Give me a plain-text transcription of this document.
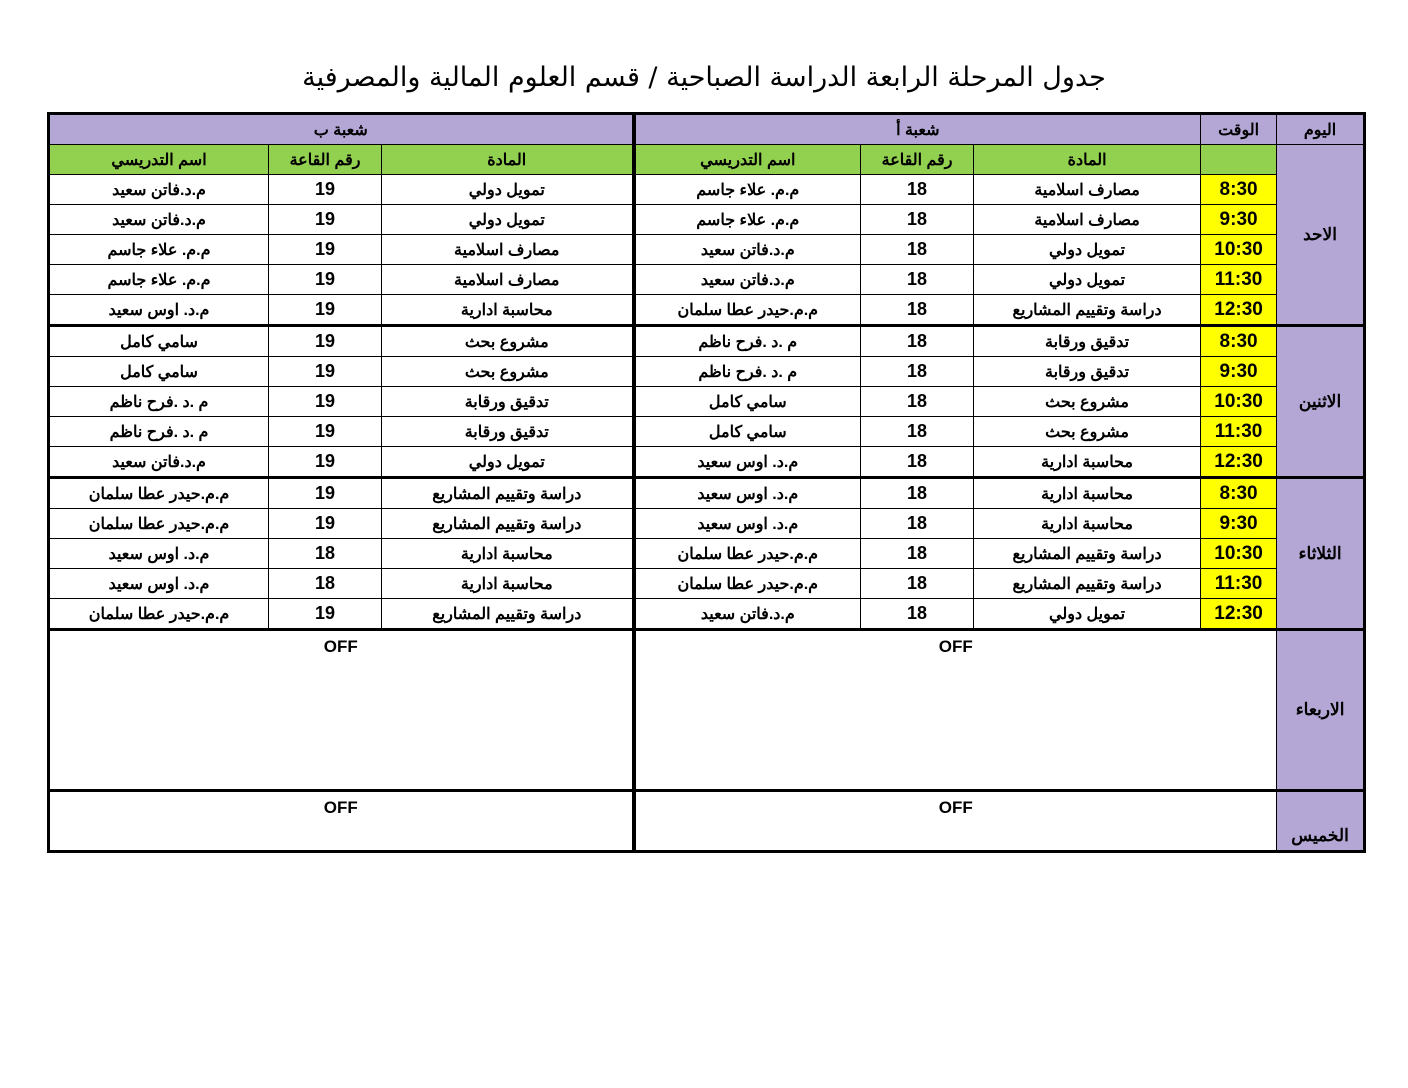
جدول المرحلة الرابعة الدراسة الصباحية / قسم العلوم المالية والمصرفية
اليوم	الوقت	شعبة أ			شعبة ب		
الاحد		المادة	رقم القاعة	اسم التدريسي	المادة	رقم القاعة	اسم التدريسي
	8:30	مصارف اسلامية	18	م.م. علاء جاسم	تمويل دولي	19	م.د.فاتن سعيد
	9:30	مصارف اسلامية	18	م.م. علاء جاسم	تمويل دولي	19	م.د.فاتن سعيد
	10:30	تمويل دولي	18	م.د.فاتن سعيد	مصارف اسلامية	19	م.م. علاء جاسم
	11:30	تمويل دولي	18	م.د.فاتن سعيد	مصارف اسلامية	19	م.م. علاء جاسم
	12:30	دراسة وتقييم المشاريع	18	م.م.حيدر عطا سلمان	محاسبة ادارية	19	م.د. اوس سعيد
الاثنين	8:30	تدقيق ورقابة	18	م .د .فرح ناظم	مشروع بحث	19	سامي كامل
	9:30	تدقيق ورقابة	18	م .د .فرح ناظم	مشروع بحث	19	سامي كامل
	10:30	مشروع بحث	18	سامي كامل	تدقيق ورقابة	19	م .د .فرح ناظم
	11:30	مشروع بحث	18	سامي كامل	تدقيق ورقابة	19	م .د .فرح ناظم
	12:30	محاسبة ادارية	18	م.د. اوس سعيد	تمويل دولي	19	م.د.فاتن سعيد
الثلاثاء	8:30	محاسبة ادارية	18	م.د. اوس سعيد	دراسة وتقييم المشاريع	19	م.م.حيدر عطا سلمان
	9:30	محاسبة ادارية	18	م.د. اوس سعيد	دراسة وتقييم المشاريع	19	م.م.حيدر عطا سلمان
	10:30	دراسة وتقييم المشاريع	18	م.م.حيدر عطا سلمان	محاسبة ادارية	18	م.د. اوس سعيد
	11:30	دراسة وتقييم المشاريع	18	م.م.حيدر عطا سلمان	محاسبة ادارية	18	م.د. اوس سعيد
	12:30	تمويل دولي	18	م.د.فاتن سعيد	دراسة وتقييم المشاريع	19	م.م.حيدر عطا سلمان
الاربعاء	OFF				OFF		
الخميس	OFF				OFF		
